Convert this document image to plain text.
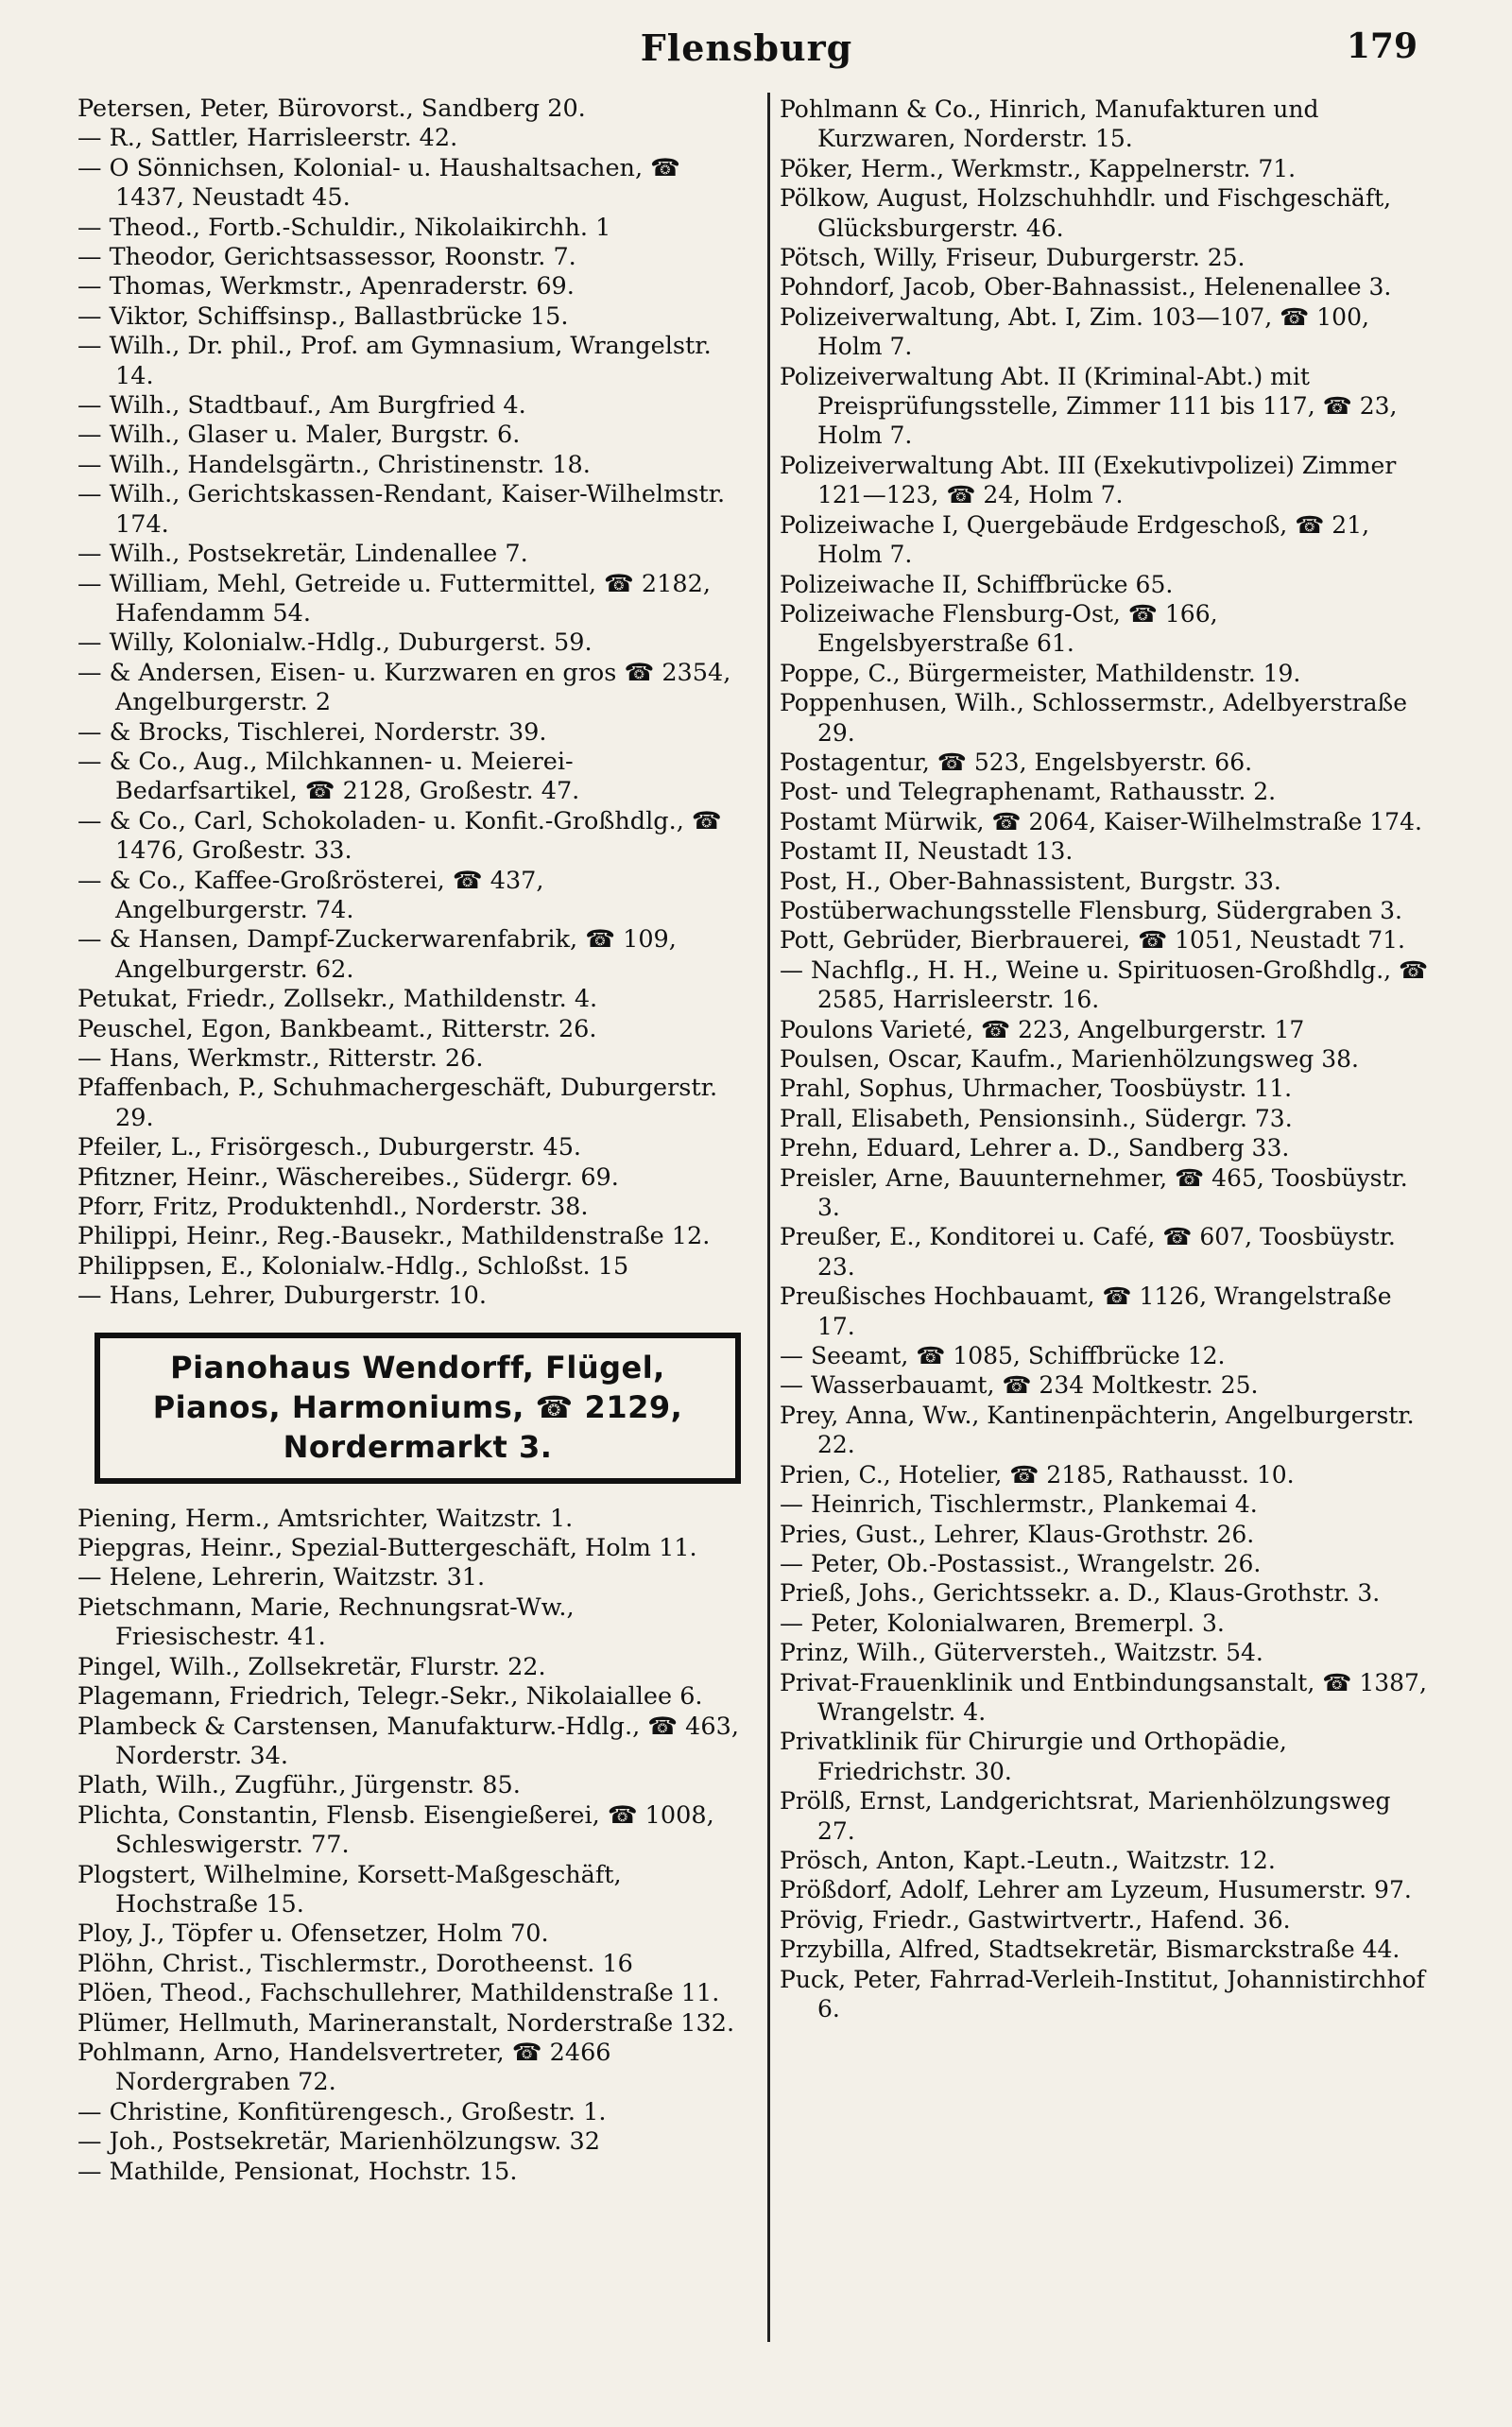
Flensburg	179
Petersen, Peter, Bürovorst., Sandberg 20.
— R., Sattler, Harrisleerstr. 42.
— O Sönnichsen, Kolonial- u. Haushaltsachen, ☎ 1437, Neustadt 45.
— Theod., Fortb.-Schuldir., Nikolaikirchh. 1
— Theodor, Gerichtsassessor, Roonstr. 7.
— Thomas, Werkmstr., Apenraderstr. 69.
— Viktor, Schiffsinsp., Ballastbrücke 15.
— Wilh., Dr. phil., Prof. am Gymnasium, Wrangelstr. 14.
— Wilh., Stadtbauf., Am Burgfried 4.
— Wilh., Glaser u. Maler, Burgstr. 6.
— Wilh., Handelsgärtn., Christinenstr. 18.
— Wilh., Gerichtskassen-Rendant, Kaiser-Wilhelmstr. 174.
— Wilh., Postsekretär, Lindenallee 7.
— William, Mehl, Getreide u. Futtermittel, ☎ 2182, Hafendamm 54.
— Willy, Kolonialw.-Hdlg., Duburgerst. 59.
— & Andersen, Eisen- u. Kurzwaren en gros ☎ 2354, Angelburgerstr. 2
— & Brocks, Tischlerei, Norderstr. 39.
— & Co., Aug., Milchkannen- u. Meierei-Bedarfsartikel, ☎ 2128, Großestr. 47.
— & Co., Carl, Schokoladen- u. Konfit.-Großhdlg., ☎ 1476, Großestr. 33.
— & Co., Kaffee-Großrösterei, ☎ 437, Angelburgerstr. 74.
— & Hansen, Dampf-Zuckerwarenfabrik, ☎ 109, Angelburgerstr. 62.
Petukat, Friedr., Zollsekr., Mathildenstr. 4.
Peuschel, Egon, Bankbeamt., Ritterstr. 26.
— Hans, Werkmstr., Ritterstr. 26.
Pfaffenbach, P., Schuhmachergeschäft, Duburgerstr. 29.
Pfeiler, L., Frisörgesch., Duburgerstr. 45.
Pfitzner, Heinr., Wäschereibes., Südergr. 69.
Pforr, Fritz, Produktenhdl., Norderstr. 38.
Philippi, Heinr., Reg.-Bausekr., Mathildenstraße 12.
Philippsen, E., Kolonialw.-Hdlg., Schloßst. 15
— Hans, Lehrer, Duburgerstr. 10.
Pianohaus Wendorff, Flügel,
Pianos, Harmoniums, ☎ 2129,
Nordermarkt 3.
Piening, Herm., Amtsrichter, Waitzstr. 1.
Piepgras, Heinr., Spezial-Buttergeschäft, Holm 11.
— Helene, Lehrerin, Waitzstr. 31.
Pietschmann, Marie, Rechnungsrat-Ww., Friesischestr. 41.
Pingel, Wilh., Zollsekretär, Flurstr. 22.
Plagemann, Friedrich, Telegr.-Sekr., Nikolaiallee 6.
Plambeck & Carstensen, Manufakturw.-Hdlg., ☎ 463, Norderstr. 34.
Plath, Wilh., Zugführ., Jürgenstr. 85.
Plichta, Constantin, Flensb. Eisengießerei, ☎ 1008, Schleswigerstr. 77.
Plogstert, Wilhelmine, Korsett-Maßgeschäft, Hochstraße 15.
Ploy, J., Töpfer u. Ofensetzer, Holm 70.
Plöhn, Christ., Tischlermstr., Dorotheenst. 16
Plöen, Theod., Fachschullehrer, Mathildenstraße 11.
Plümer, Hellmuth, Marineranstalt, Norderstraße 132.
Pohlmann, Arno, Handelsvertreter, ☎ 2466 Nordergraben 72.
— Christine, Konfitürengesch., Großestr. 1.
— Joh., Postsekretär, Marienhölzungsw. 32
— Mathilde, Pensionat, Hochstr. 15.
Pohlmann & Co., Hinrich, Manufakturen und Kurzwaren, Norderstr. 15.
Pöker, Herm., Werkmstr., Kappelnerstr. 71.
Pölkow, August, Holzschuhhdlr. und Fischgeschäft, Glücksburgerstr. 46.
Pötsch, Willy, Friseur, Duburgerstr. 25.
Pohndorf, Jacob, Ober-Bahnassist., Helenenallee 3.
Polizeiverwaltung, Abt. I, Zim. 103—107, ☎ 100, Holm 7.
Polizeiverwaltung Abt. II (Kriminal-Abt.) mit Preisprüfungsstelle, Zimmer 111 bis 117, ☎ 23, Holm 7.
Polizeiverwaltung Abt. III (Exekutivpolizei) Zimmer 121—123, ☎ 24, Holm 7.
Polizeiwache I, Quergebäude Erdgeschoß, ☎ 21, Holm 7.
Polizeiwache II, Schiffbrücke 65.
Polizeiwache Flensburg-Ost, ☎ 166, Engelsbyerstraße 61.
Poppe, C., Bürgermeister, Mathildenstr. 19.
Poppenhusen, Wilh., Schlossermstr., Adelbyerstraße 29.
Postagentur, ☎ 523, Engelsbyerstr. 66.
Post- und Telegraphenamt, Rathausstr. 2.
Postamt Mürwik, ☎ 2064, Kaiser-Wilhelmstraße 174.
Postamt II, Neustadt 13.
Post, H., Ober-Bahnassistent, Burgstr. 33.
Postüberwachungsstelle Flensburg, Südergraben 3.
Pott, Gebrüder, Bierbrauerei, ☎ 1051, Neustadt 71.
— Nachflg., H. H., Weine u. Spirituosen-Großhdlg., ☎ 2585, Harrisleerstr. 16.
Poulons Varieté, ☎ 223, Angelburgerstr. 17
Poulsen, Oscar, Kaufm., Marienhölzungsweg 38.
Prahl, Sophus, Uhrmacher, Toosbüystr. 11.
Prall, Elisabeth, Pensionsinh., Südergr. 73.
Prehn, Eduard, Lehrer a. D., Sandberg 33.
Preisler, Arne, Bauunternehmer, ☎ 465, Toosbüystr. 3.
Preußer, E., Konditorei u. Café, ☎ 607, Toosbüystr. 23.
Preußisches Hochbauamt, ☎ 1126, Wrangelstraße 17.
— Seeamt, ☎ 1085, Schiffbrücke 12.
— Wasserbauamt, ☎ 234 Moltkestr. 25.
Prey, Anna, Ww., Kantinenpächterin, Angelburgerstr. 22.
Prien, C., Hotelier, ☎ 2185, Rathausst. 10.
— Heinrich, Tischlermstr., Plankemai 4.
Pries, Gust., Lehrer, Klaus-Grothstr. 26.
— Peter, Ob.-Postassist., Wrangelstr. 26.
Prieß, Johs., Gerichtssekr. a. D., Klaus-Grothstr. 3.
— Peter, Kolonialwaren, Bremerpl. 3.
Prinz, Wilh., Güterversteh., Waitzstr. 54.
Privat-Frauenklinik und Entbindungsanstalt, ☎ 1387, Wrangelstr. 4.
Privatklinik für Chirurgie und Orthopädie, Friedrichstr. 30.
Prölß, Ernst, Landgerichtsrat, Marienhölzungsweg 27.
Prösch, Anton, Kapt.-Leutn., Waitzstr. 12.
Prößdorf, Adolf, Lehrer am Lyzeum, Husumerstr. 97.
Prövig, Friedr., Gastwirtvertr., Hafend. 36.
Przybilla, Alfred, Stadtsekretär, Bismarckstraße 44.
Puck, Peter, Fahrrad-Verleih-Institut, Johannistirchhof 6.
